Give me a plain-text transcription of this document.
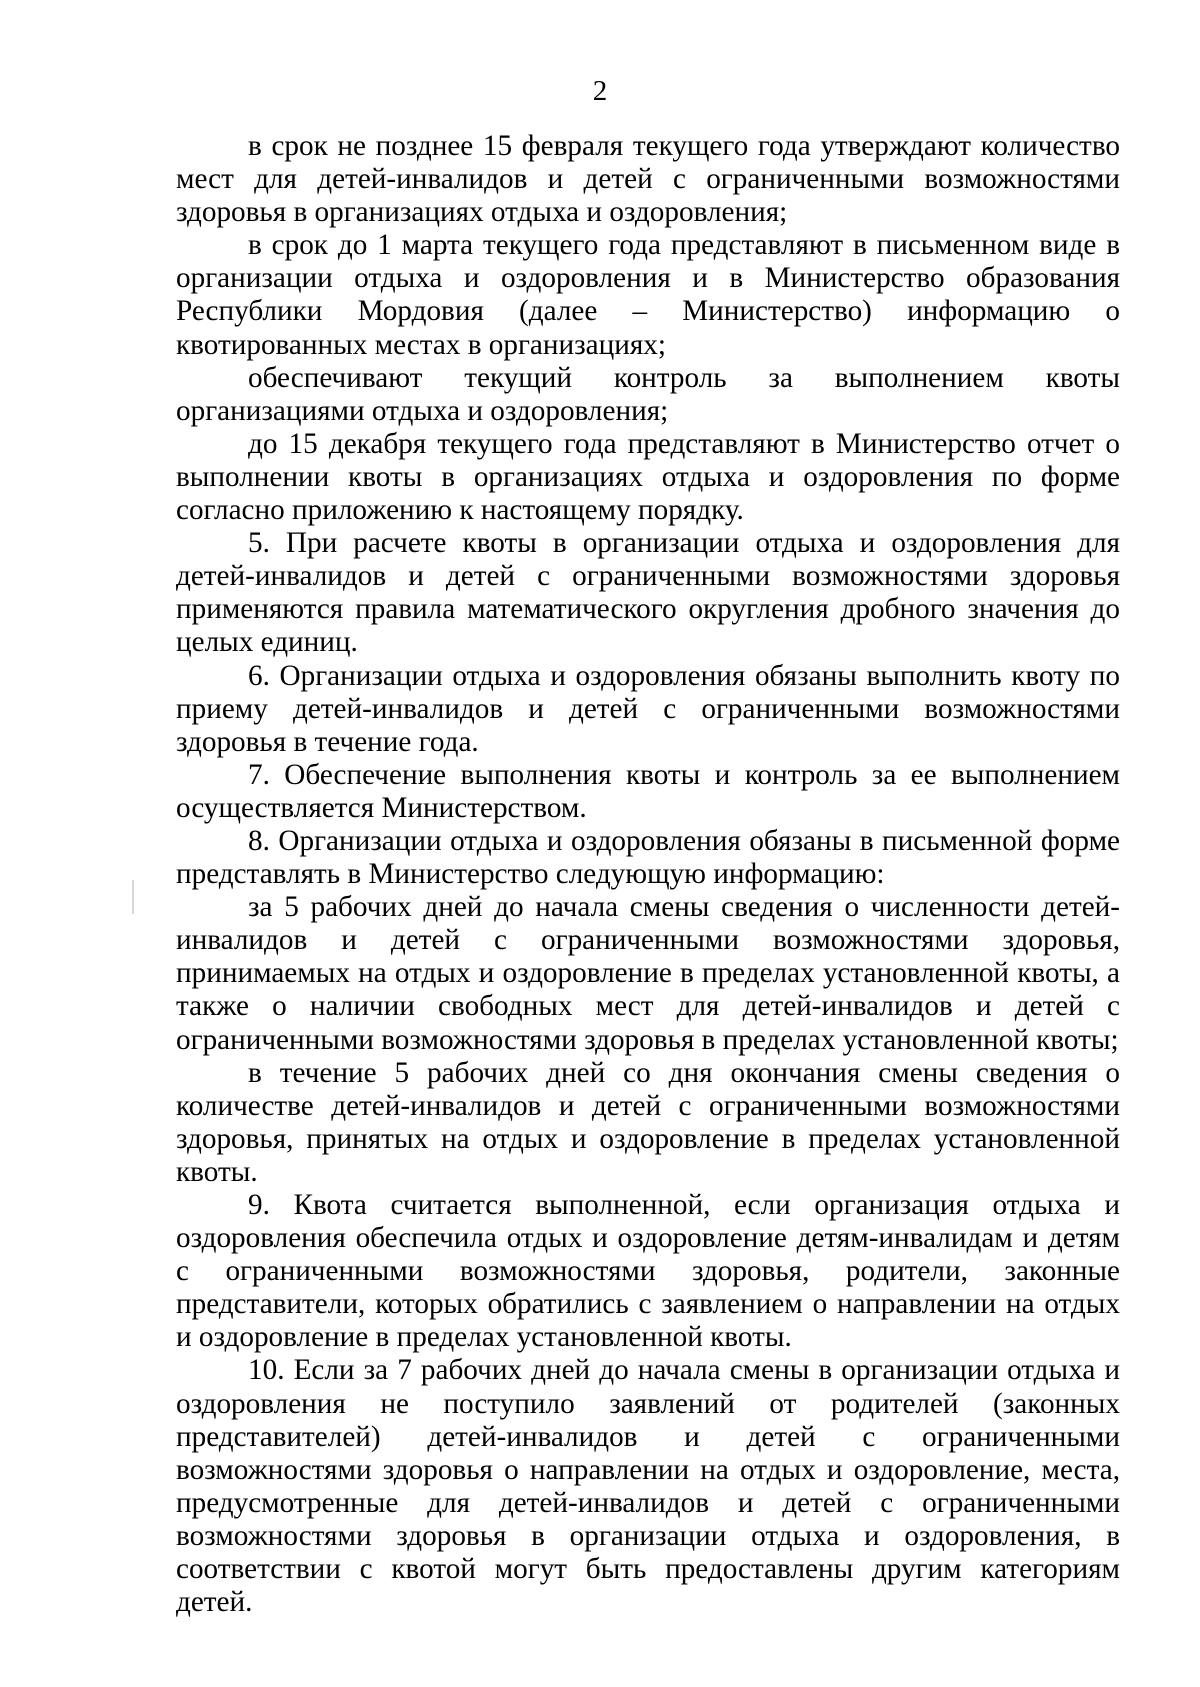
2

в срок не позднее 15 февраля текущего года утверждают количество мест для детей-инвалидов и детей с ограниченными возможностями здоровья в организациях отдыха и оздоровления;

в срок до 1 марта текущего года представляют в письменном виде в организации отдыха и оздоровления и в Министерство образования Республики Мордовия (далее – Министерство) информацию о квотированных местах в организациях;

обеспечивают текущий контроль за выполнением квоты организациями отдыха и оздоровления;

до 15 декабря текущего года представляют в Министерство отчет о выполнении квоты в организациях отдыха и оздоровления по форме согласно приложению к настоящему порядку.

5. При расчете квоты в организации отдыха и оздоровления для детей-инвалидов и детей с ограниченными возможностями здоровья применяются правила математического округления дробного значения до целых единиц.

6. Организации отдыха и оздоровления обязаны выполнить квоту по приему детей-инвалидов и детей с ограниченными возможностями здоровья в течение года.

7. Обеспечение выполнения квоты и контроль за ее выполнением осуществляется Министерством.

8. Организации отдыха и оздоровления обязаны в письменной форме представлять в Министерство следующую информацию:

за 5 рабочих дней до начала смены сведения о численности детей-инвалидов и детей с ограниченными возможностями здоровья, принимаемых на отдых и оздоровление в пределах установленной квоты, а также о наличии свободных мест для детей-инвалидов и детей с ограниченными возможностями здоровья в пределах установленной квоты;

в течение 5 рабочих дней со дня окончания смены сведения о количестве детей-инвалидов и детей с ограниченными возможностями здоровья, принятых на отдых и оздоровление в пределах установленной квоты.

9. Квота считается выполненной, если организация отдыха и оздоровления обеспечила отдых и оздоровление детям-инвалидам и детям с ограниченными возможностями здоровья, родители, законные представители, которых обратились с заявлением о направлении на отдых и оздоровление в пределах установленной квоты.

10. Если за 7 рабочих дней до начала смены в организации отдыха и оздоровления не поступило заявлений от родителей (законных представителей) детей-инвалидов и детей с ограниченными возможностями здоровья о направлении на отдых и оздоровление, места, предусмотренные для детей-инвалидов и детей с ограниченными возможностями здоровья в организации отдыха и оздоровления, в соответствии с квотой могут быть предоставлены другим категориям детей.
